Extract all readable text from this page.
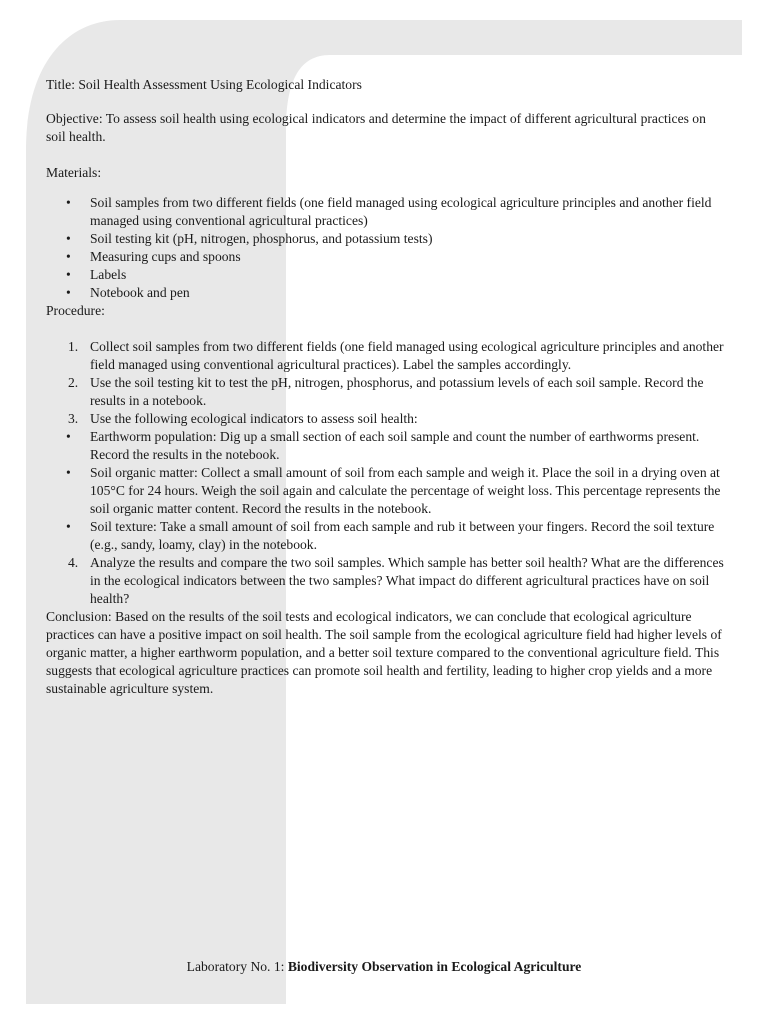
Title: Soil Health Assessment Using Ecological Indicators

Objective: To assess soil health using ecological indicators and determine the impact of different agricultural practices on soil health.

Materials:

• Soil samples from two different fields (one field managed using ecological agriculture principles and another field managed using conventional agricultural practices)
• Soil testing kit (pH, nitrogen, phosphorus, and potassium tests)
• Measuring cups and spoons
• Labels
• Notebook and pen

Procedure:

1. Collect soil samples from two different fields (one field managed using ecological agriculture principles and another field managed using conventional agricultural practices). Label the samples accordingly.
2. Use the soil testing kit to test the pH, nitrogen, phosphorus, and potassium levels of each soil sample. Record the results in a notebook.
3. Use the following ecological indicators to assess soil health:
• Earthworm population: Dig up a small section of each soil sample and count the number of earthworms present. Record the results in the notebook.
• Soil organic matter: Collect a small amount of soil from each sample and weigh it. Place the soil in a drying oven at 105°C for 24 hours. Weigh the soil again and calculate the percentage of weight loss. This percentage represents the soil organic matter content. Record the results in the notebook.
• Soil texture: Take a small amount of soil from each sample and rub it between your fingers. Record the soil texture (e.g., sandy, loamy, clay) in the notebook.
4. Analyze the results and compare the two soil samples. Which sample has better soil health? What are the differences in the ecological indicators between the two samples? What impact do different agricultural practices have on soil health?

Conclusion: Based on the results of the soil tests and ecological indicators, we can conclude that ecological agriculture practices can have a positive impact on soil health. The soil sample from the ecological agriculture field had higher levels of organic matter, a higher earthworm population, and a better soil texture compared to the conventional agriculture field. This suggests that ecological agriculture practices can promote soil health and fertility, leading to higher crop yields and a more sustainable agriculture system.

Laboratory No. 1: Biodiversity Observation in Ecological Agriculture
